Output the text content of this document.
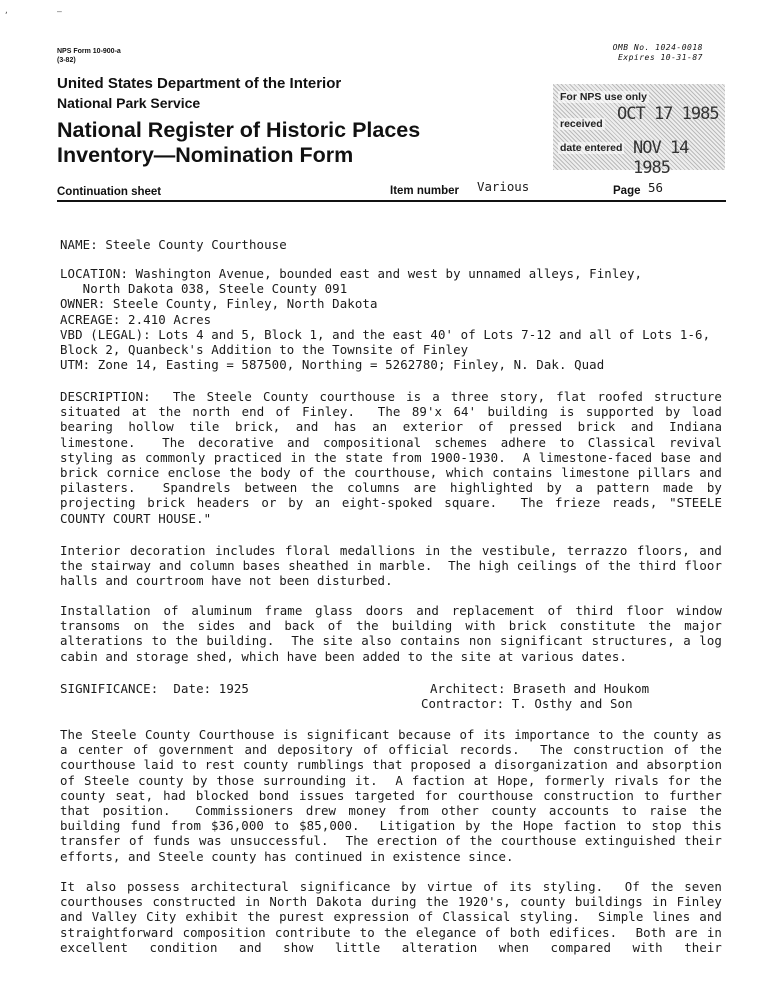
,	—
NPS Form 10-900-a
(3-82)
OMB No. 1024-0018
Expires 10-31-87
United States Department of the Interior
National Park Service
National Register of Historic Places
Inventory—Nomination Form
For NPS use only
received OCT 17 1985
date entered NOV 14 1985
Continuation sheet	Item number Various	Page 56
NAME: Steele County Courthouse
LOCATION: Washington Avenue, bounded east and west by unnamed alleys, Finley,
North Dakota 038, Steele County 091
OWNER: Steele County, Finley, North Dakota
ACREAGE: 2.410 Acres
VBD (LEGAL): Lots 4 and 5, Block 1, and the east 40' of Lots 7-12 and all of Lots 1-6,
Block 2, Quanbeck's Addition to the Townsite of Finley
UTM: Zone 14, Easting = 587500, Northing = 5262780; Finley, N. Dak. Quad
DESCRIPTION:  The Steele County courthouse is a three story, flat roofed structure
situated at the north end of Finley.  The 89'x 64' building is supported by load
bearing hollow tile brick, and has an exterior of pressed brick and Indiana
limestone.  The decorative and compositional schemes adhere to Classical revival
styling as commonly practiced in the state from 1900-1930.  A limestone-faced base and
brick cornice enclose the body of the courthouse, which contains limestone pillars and
pilasters.  Spandrels between the columns are highlighted by a pattern made by
projecting brick headers or by an eight-spoked square.  The frieze reads, "STEELE
COUNTY COURT HOUSE."
Interior decoration includes floral medallions in the vestibule, terrazzo floors, and
the stairway and column bases sheathed in marble.  The high ceilings of the third floor
halls and courtroom have not been disturbed.
Installation of aluminum frame glass doors and replacement of third floor window
transoms on the sides and back of the building with brick constitute the major
alterations to the building.  The site also contains non significant structures, a log
cabin and storage shed, which have been added to the site at various dates.
SIGNIFICANCE:  Date: 1925	Architect: Braseth and Houkom
Contractor: T. Osthy and Son
The Steele County Courthouse is significant because of its importance to the county as
a center of government and depository of official records.  The construction of the
courthouse laid to rest county rumblings that proposed a disorganization and absorption
of Steele county by those surrounding it.  A faction at Hope, formerly rivals for the
county seat, had blocked bond issues targeted for courthouse construction to further
that position.  Commissioners drew money from other county accounts to raise the
building fund from $36,000 to $85,000.  Litigation by the Hope faction to stop this
transfer of funds was unsuccessful.  The erection of the courthouse extinguished their
efforts, and Steele county has continued in existence since.
It also possess architectural significance by virtue of its styling.  Of the seven
courthouses constructed in North Dakota during the 1920's, county buildings in Finley
and Valley City exhibit the purest expression of Classical styling.  Simple lines and
straightforward composition contribute to the elegance of both edifices.  Both are in
excellent condition and show little alteration when compared with their
